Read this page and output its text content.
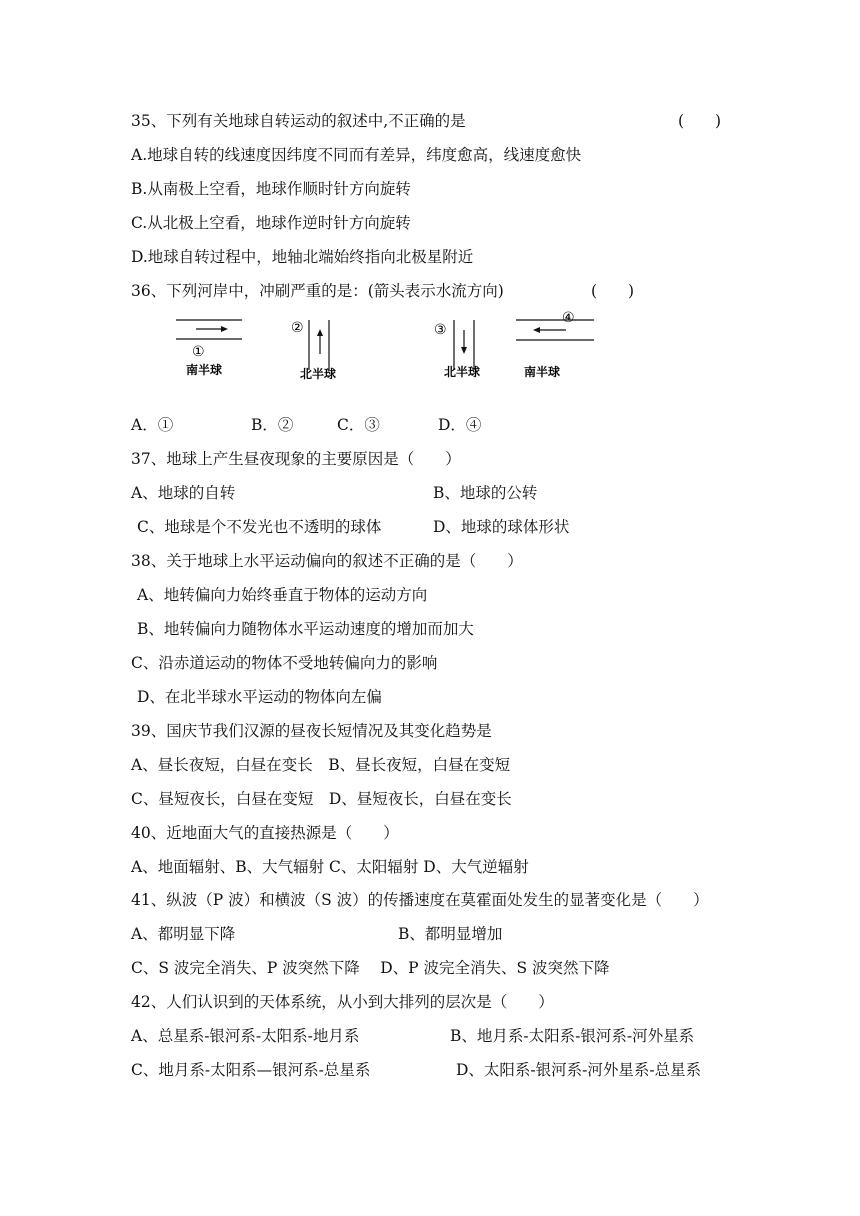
35、下列有关地球自转运动的叙述中,不正确的是	(　　)
A.地球自转的线速度因纬度不同而有差异，纬度愈高，线速度愈快
B.从南极上空看，地球作顺时针方向旋转
C.从北极上空看，地球作逆时针方向旋转
D.地球自转过程中，地轴北端始终指向北极星附近
36、下列河岸中，冲刷严重的是：(箭头表示水流方向)	(　　)
①
南半球
②
北半球
③
北半球
④
南半球
A．①	B．②	C．③	D．④
37、地球上产生昼夜现象的主要原因是（　　）
A、地球的自转	B、地球的公转
C、地球是个不发光也不透明的球体	D、地球的球体形状
38、关于地球上水平运动偏向的叙述不正确的是（　　）
A、地转偏向力始终垂直于物体的运动方向
B、地转偏向力随物体水平运动速度的增加而加大
C、沿赤道运动的物体不受地转偏向力的影响
D、在北半球水平运动的物体向左偏
39、国庆节我们汉源的昼夜长短情况及其变化趋势是
A、昼长夜短，白昼在变长　B、昼长夜短，白昼在变短
C、昼短夜长，白昼在变短　D、昼短夜长，白昼在变长
40、近地面大气的直接热源是（　　）
A、地面辐射、B、大气辐射 C、太阳辐射 D、大气逆辐射
41、纵波（P 波）和横波（S 波）的传播速度在莫霍面处发生的显著变化是（　　）
A、都明显下降	B、都明显增加
C、S 波完全消失、P 波突然下降　 D、P 波完全消失、S 波突然下降
42、人们认识到的天体系统，从小到大排列的层次是（　　）
A、总星系-银河系-太阳系-地月系	B、地月系-太阳系-银河系-河外星系
C、地月系-太阳系—银河系-总星系	D、太阳系-银河系-河外星系-总星系
